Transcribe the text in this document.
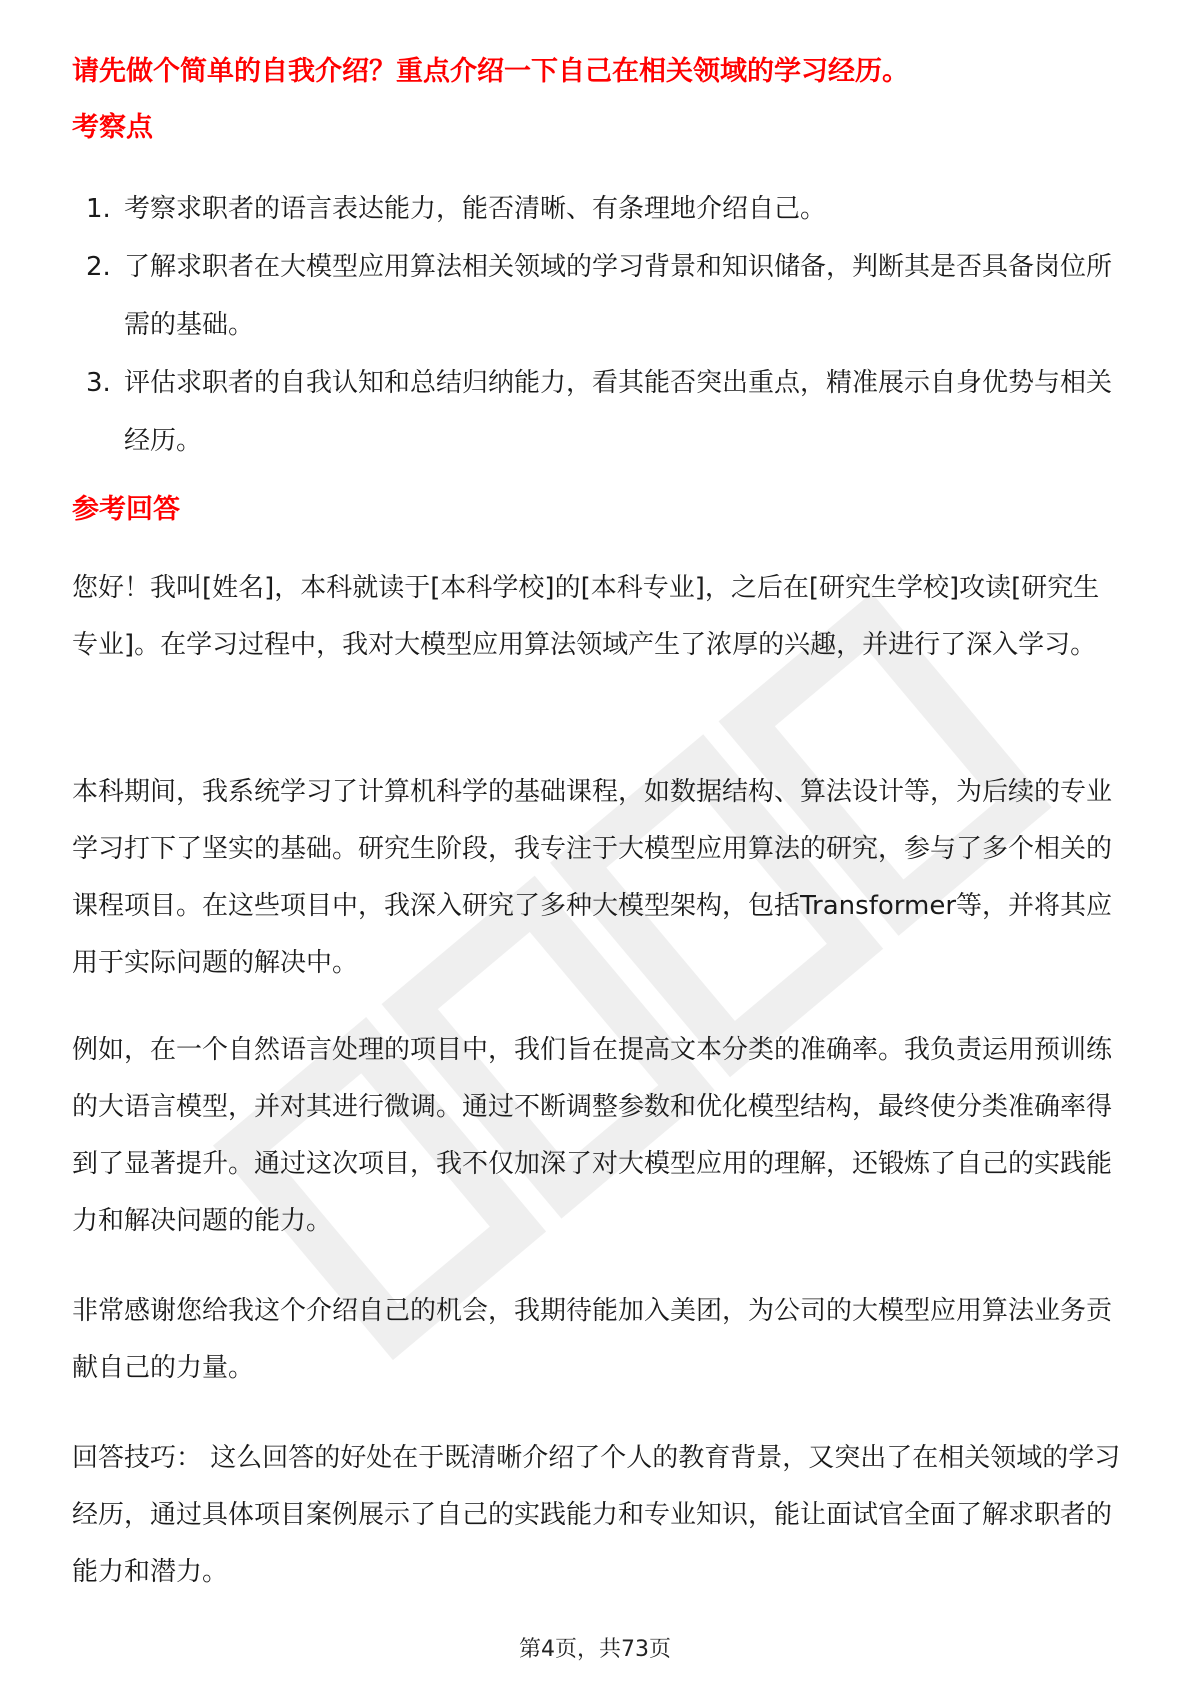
请先做个简单的自我介绍？重点介绍一下自己在相关领域的学习经历。
考察点
1. 考察求职者的语言表达能力，能否清晰、有条理地介绍自己。
2. 了解求职者在大模型应用算法相关领域的学习背景和知识储备，判断其是否具备岗位所需的基础。
3. 评估求职者的自我认知和总结归纳能力，看其能否突出重点，精准展示自身优势与相关经历。
参考回答

您好！我叫[姓名]，本科就读于[本科学校]的[本科专业]，之后在[研究生学校]攻读[研究生专业]。在学习过程中，我对大模型应用算法领域产生了浓厚的兴趣，并进行了深入学习。

本科期间，我系统学习了计算机科学的基础课程，如数据结构、算法设计等，为后续的专业学习打下了坚实的基础。研究生阶段，我专注于大模型应用算法的研究，参与了多个相关的课程项目。在这些项目中，我深入研究了多种大模型架构，包括Transformer等，并将其应用于实际问题的解决中。

例如，在一个自然语言处理的项目中，我们旨在提高文本分类的准确率。我负责运用预训练的大语言模型，并对其进行微调。通过不断调整参数和优化模型结构，最终使分类准确率得到了显著提升。通过这次项目，我不仅加深了对大模型应用的理解，还锻炼了自己的实践能力和解决问题的能力。

非常感谢您给我这个介绍自己的机会，我期待能加入美团，为公司的大模型应用算法业务贡献自己的力量。

回答技巧： 这么回答的好处在于既清晰介绍了个人的教育背景，又突出了在相关领域的学习经历，通过具体项目案例展示了自己的实践能力和专业知识，能让面试官全面了解求职者的能力和潜力。

第4页，共73页
